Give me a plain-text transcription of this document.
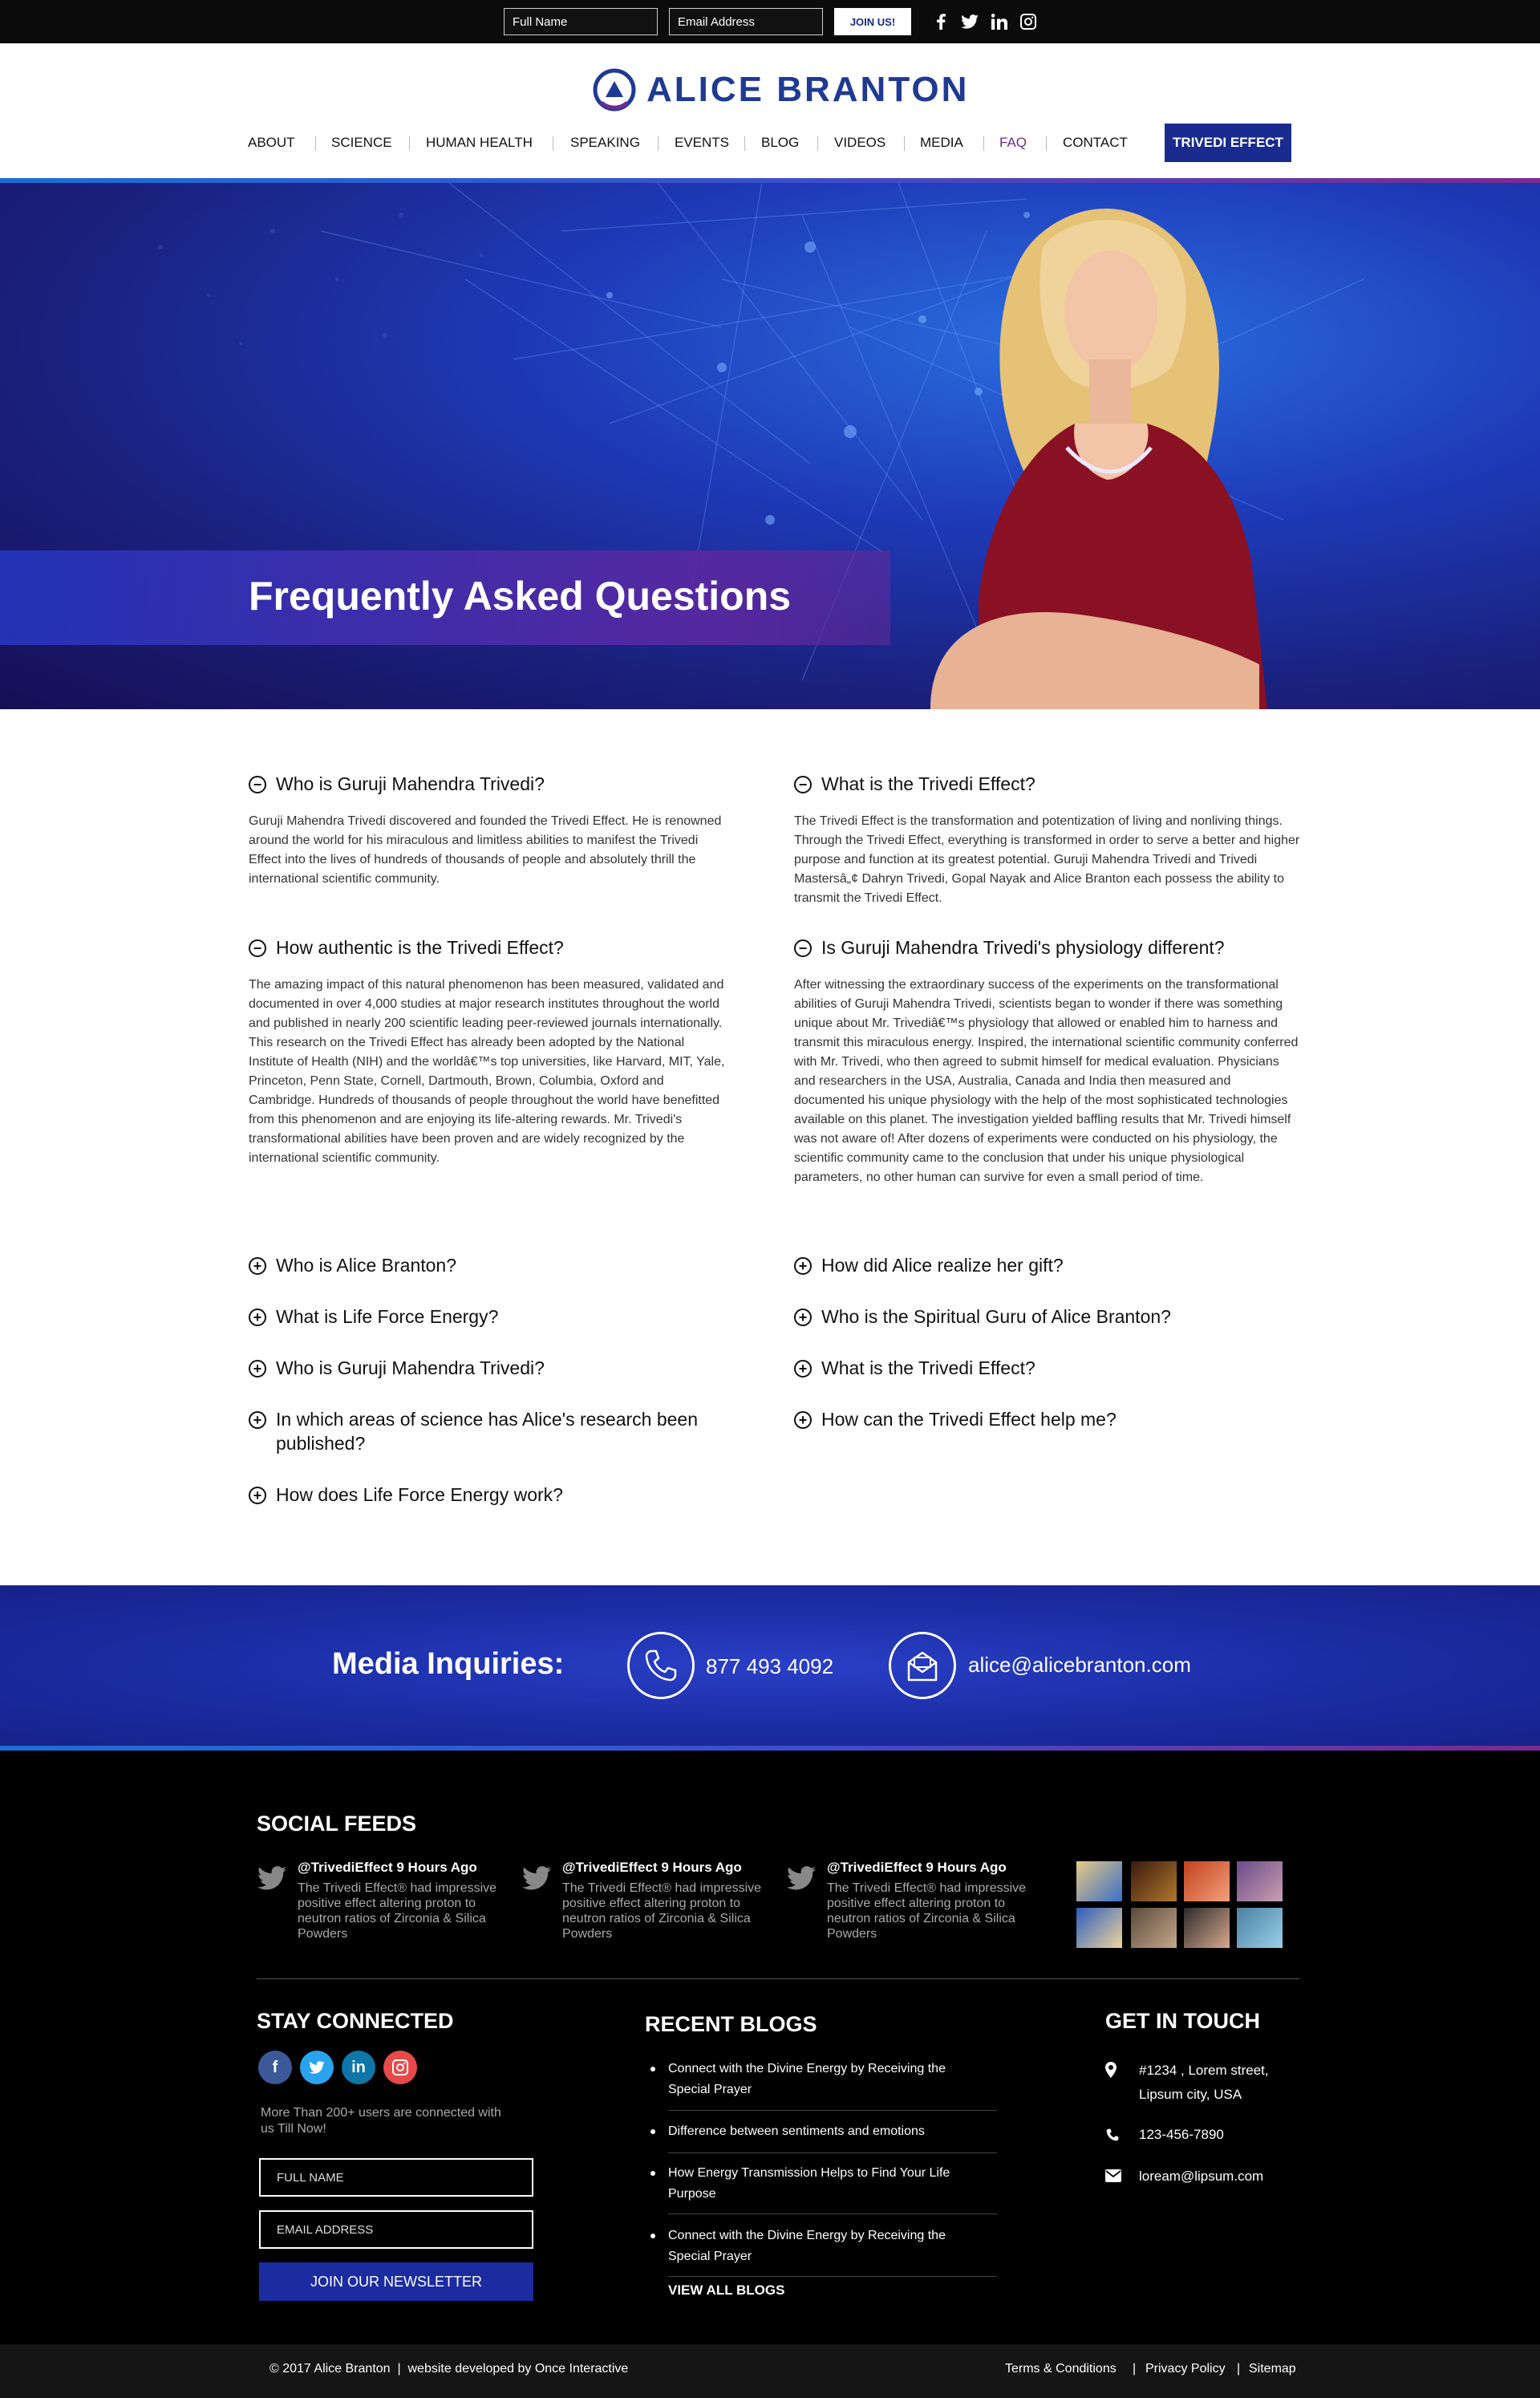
Full Name
Email Address
JOIN US!
ALICE BRANTON
ABOUT	SCIENCE HUMAN HEALTH	SPEAKING	EVENTS BLOG	VIDEOS	MEDIA	FAQ	CONTACT	TRIVEDI EFFECT
Frequently Asked Questions
− Who is Guruji Mahendra Trivedi?
Guruji Mahendra Trivedi discovered and founded the Trivedi Effect. He is renowned around the world for his miraculous and limitless abilities to manifest the Trivedi Effect into the lives of hundreds of thousands of people and absolutely thrill the international scientific community.
− How authentic is the Trivedi Effect?
The amazing impact of this natural phenomenon has been measured, validated and documented in over 4,000 studies at major research institutes throughout the world and published in nearly 200 scientific leading peer-reviewed journals internationally. This research on the Trivedi Effect has already been adopted by the National Institute of Health (NIH) and the worldâ€™s top universities, like Harvard, MIT, Yale, Princeton, Penn State, Cornell, Dartmouth, Brown, Columbia, Oxford and Cambridge. Hundreds of thousands of people throughout the world have benefitted from this phenomenon and are enjoying its life-altering rewards. Mr. Trivedi's transformational abilities have been proven and are widely recognized by the international scientific community.
+ Who is Alice Branton?
+ What is Life Force Energy?
+ Who is Guruji Mahendra Trivedi?
+ In which areas of science has Alice's research been published?
+ How does Life Force Energy work?
− What is the Trivedi Effect?
The Trivedi Effect is the transformation and potentization of living and nonliving things. Through the Trivedi Effect, everything is transformed in order to serve a better and higher purpose and function at its greatest potential. Guruji Mahendra Trivedi and Trivedi Mastersâ„¢ Dahryn Trivedi, Gopal Nayak and Alice Branton each possess the ability to transmit the Trivedi Effect.
− Is Guruji Mahendra Trivedi's physiology different?
After witnessing the extraordinary success of the experiments on the transformational abilities of Guruji Mahendra Trivedi, scientists began to wonder if there was something unique about Mr. Trivediâ€™s physiology that allowed or enabled him to harness and transmit this miraculous energy. Inspired, the international scientific community conferred with Mr. Trivedi, who then agreed to submit himself for medical evaluation. Physicians and researchers in the USA, Australia, Canada and India then measured and documented his unique physiology with the help of the most sophisticated technologies available on this planet. The investigation yielded baffling results that Mr. Trivedi himself was not aware of! After dozens of experiments were conducted on his physiology, the scientific community came to the conclusion that under his unique physiological parameters, no other human can survive for even a small period of time.
+ How did Alice realize her gift?
+ Who is the Spiritual Guru of Alice Branton?
+ What is the Trivedi Effect?
+ How can the Trivedi Effect help me?
Media Inquiries:	877 493 4092	alice@alicebranton.com
SOCIAL FEEDS
@TrivediEffect 9 Hours Ago
The Trivedi Effect® had impressive positive effect altering proton to neutron ratios of Zirconia & Silica Powders
@TrivediEffect 9 Hours Ago
The Trivedi Effect® had impressive positive effect altering proton to neutron ratios of Zirconia & Silica Powders
@TrivediEffect 9 Hours Ago
The Trivedi Effect® had impressive positive effect altering proton to neutron ratios of Zirconia & Silica Powders
STAY CONNECTED
f	in
More Than 200+ users are connected with us Till Now!
FULL NAME
EMAIL ADDRESS
JOIN OUR NEWSLETTER
RECENT BLOGS
Connect with the Divine Energy by Receiving the Special Prayer
Difference between sentiments and emotions
How Energy Transmission Helps to Find Your Life Purpose
Connect with the Divine Energy by Receiving the Special Prayer
VIEW ALL BLOGS
GET IN TOUCH
#1234 , Lorem street, Lipsum city, USA
123-456-7890
loream@lipsum.com
© 2017 Alice Branton  |  website developed by Once Interactive	Terms & Conditions | Privacy Policy | Sitemap
